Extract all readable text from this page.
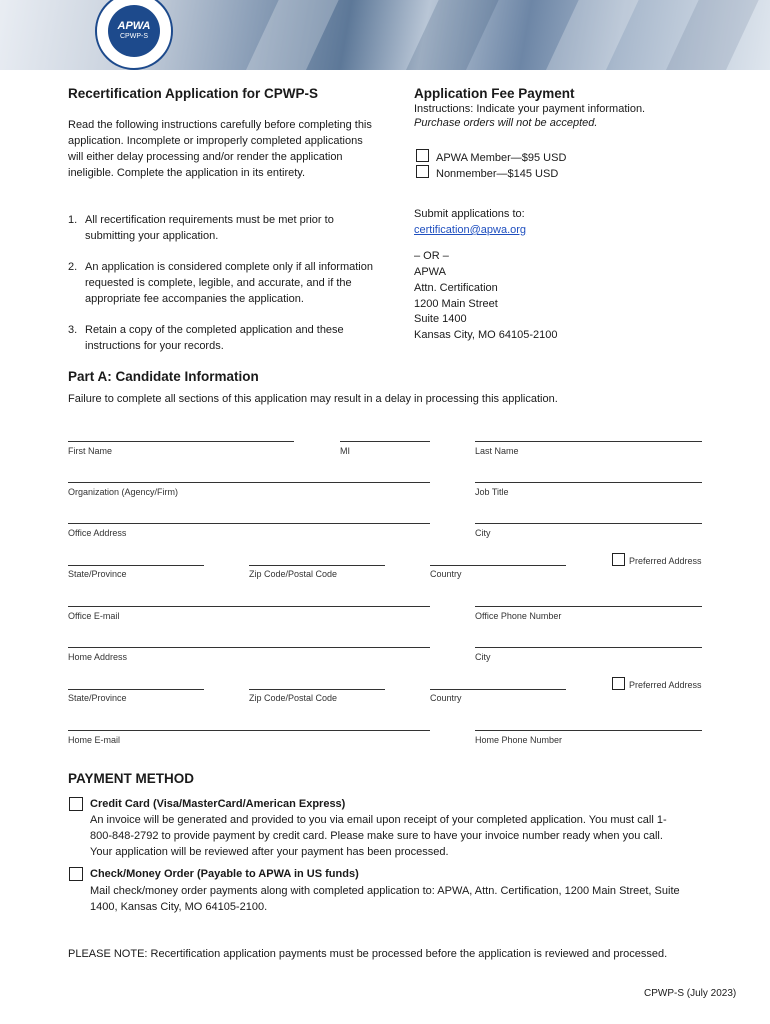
APWA
CPWP-S
Recertification Application for CPWP-S
Read the following instructions carefully before completing this application. Incomplete or improperly completed applications will either delay processing and/or render the application ineligible. Complete the application in its entirety.
1. All recertification requirements must be met prior to submitting your application.
2. An application is considered complete only if all information requested is complete, legible, and accurate, and if the appropriate fee accompanies the application.
3. Retain a copy of the completed application and these instructions for your records.
Application Fee Payment
Instructions: Indicate your payment information.
Purchase orders will not be accepted.
APWA Member—$95 USD
Nonmember—$145 USD
Submit applications to:
certification@apwa.org
– OR –
APWA
Attn. Certification
1200 Main Street
Suite 1400
Kansas City, MO 64105-2100
Part A: Candidate Information
Failure to complete all sections of this application may result in a delay in processing this application.
First Name	MI	Last Name
Organization (Agency/Firm)	Job Title
Office Address	City
Preferred Address
State/Province	Zip Code/Postal Code	Country
Office E-mail	Office Phone Number
Home Address	City
Preferred Address
State/Province	Zip Code/Postal Code	Country
Home E-mail	Home Phone Number
PAYMENT METHOD
Credit Card (Visa/MasterCard/American Express)
An invoice will be generated and provided to you via email upon receipt of your completed application. You must call 1-
800-848-2792 to provide payment by credit card. Please make sure to have your invoice number ready when you call.
Your application will be reviewed after your payment has been processed.
Check/Money Order (Payable to APWA in US funds)
Mail check/money order payments along with completed application to: APWA, Attn. Certification, 1200 Main Street, Suite
1400, Kansas City, MO 64105-2100.
PLEASE NOTE: Recertification application payments must be processed before the application is reviewed and processed.
CPWP-S (July 2023)
